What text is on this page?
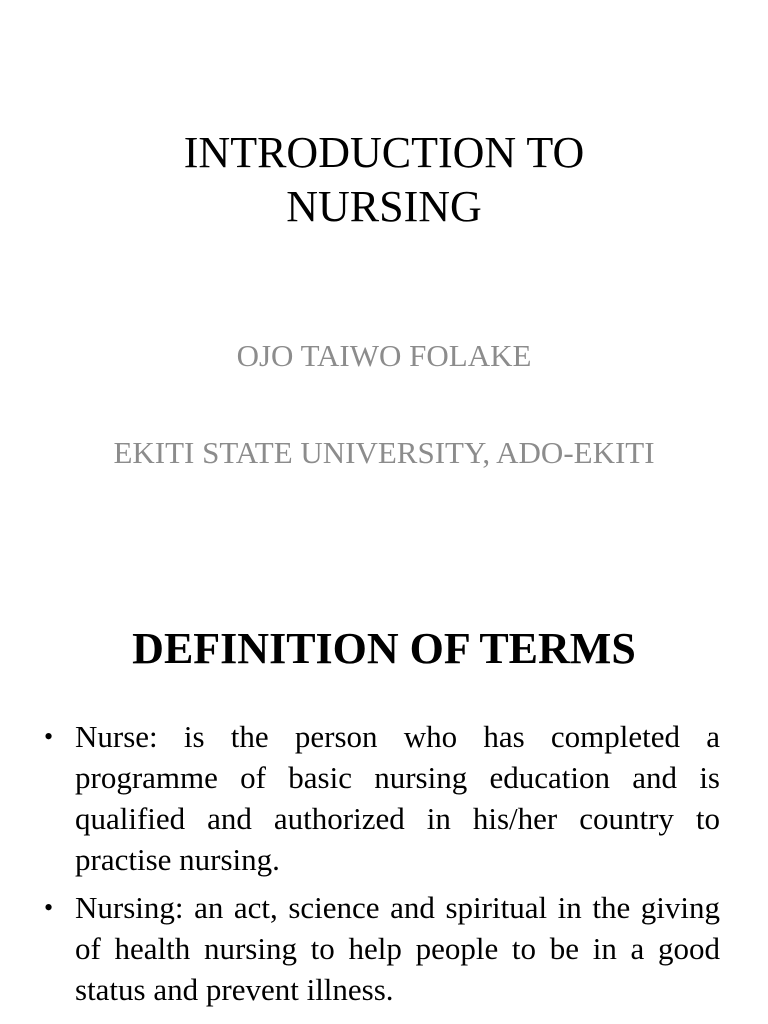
INTRODUCTION TO
NURSING
OJO TAIWO FOLAKE
EKITI STATE UNIVERSITY, ADO-EKITI
DEFINITION OF TERMS
• Nurse: is the person who has completed a programme of basic nursing education and is qualified and authorized in his/her country to practise nursing.
• Nursing: an act, science and spiritual in the giving of health nursing to help people to be in a good status and prevent illness.
